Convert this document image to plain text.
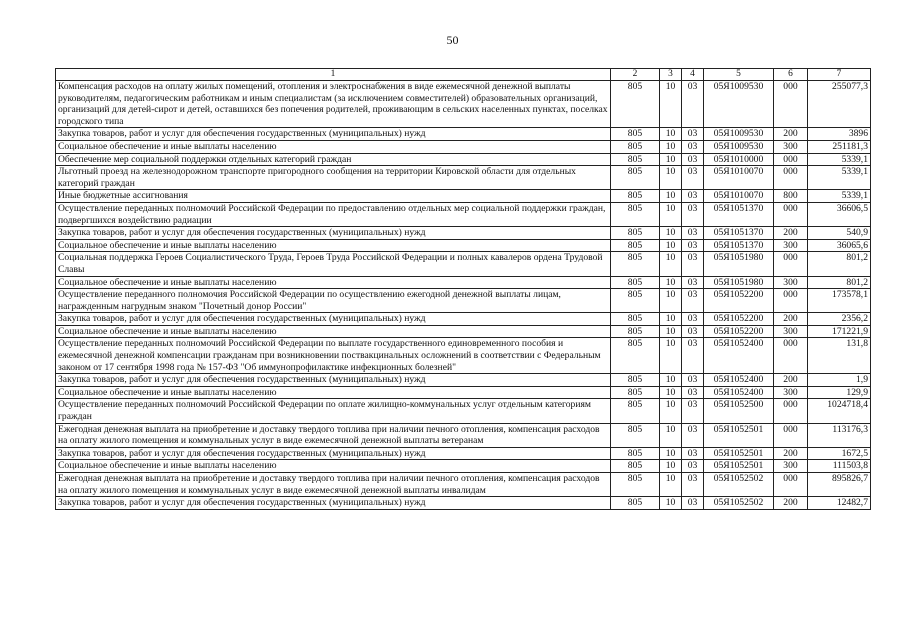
50
1	2	3	4	5	6	7
Компенсация расходов на оплату жилых помещений, отопления и электроснабжения в виде ежемесячной денежной выплаты руководителям, педагогическим работникам и иным специалистам (за исключением совместителей) образовательных организаций, организаций для детей-сирот и детей, оставшихся без попечения родителей, проживающим в сельских населенных пунктах, поселках городского типа	805	10	03	05Я1009530	000	255077,3
Закупка товаров, работ и услуг для обеспечения государственных (муниципальных) нужд	805	10	03	05Я1009530	200	3896
Социальное обеспечение и иные выплаты населению	805	10	03	05Я1009530	300	251181,3
Обеспечение мер социальной поддержки отдельных категорий граждан	805	10	03	05Я1010000	000	5339,1
Льготный проезд на железнодорожном транспорте пригородного сообщения на территории Кировской области для отдельных категорий граждан	805	10	03	05Я1010070	000	5339,1
Иные бюджетные ассигнования	805	10	03	05Я1010070	800	5339,1
Осуществление переданных полномочий Российской Федерации по предоставлению отдельных мер социальной поддержки граждан, подвергшихся воздействию радиации	805	10	03	05Я1051370	000	36606,5
Закупка товаров, работ и услуг для обеспечения государственных (муниципальных) нужд	805	10	03	05Я1051370	200	540,9
Социальное обеспечение и иные выплаты населению	805	10	03	05Я1051370	300	36065,6
Социальная поддержка Героев Социалистического Труда, Героев Труда Российской Федерации и полных кавалеров ордена Трудовой Славы	805	10	03	05Я1051980	000	801,2
Социальное обеспечение и иные выплаты населению	805	10	03	05Я1051980	300	801,2
Осуществление переданного полномочия Российской Федерации по осуществлению ежегодной денежной выплаты лицам, награжденным нагрудным знаком "Почетный донор России"	805	10	03	05Я1052200	000	173578,1
Закупка товаров, работ и услуг для обеспечения государственных (муниципальных) нужд	805	10	03	05Я1052200	200	2356,2
Социальное обеспечение и иные выплаты населению	805	10	03	05Я1052200	300	171221,9
Осуществление переданных полномочий Российской Федерации по выплате государственного единовременного пособия и ежемесячной денежной компенсации гражданам при возникновении поствакцинальных осложнений в соответствии с Федеральным законом от 17 сентября 1998 года № 157-ФЗ "Об иммунопрофилактике инфекционных болезней"	805	10	03	05Я1052400	000	131,8
Закупка товаров, работ и услуг для обеспечения государственных (муниципальных) нужд	805	10	03	05Я1052400	200	1,9
Социальное обеспечение и иные выплаты населению	805	10	03	05Я1052400	300	129,9
Осуществление переданных полномочий Российской Федерации по оплате жилищно-коммунальных услуг отдельным категориям граждан	805	10	03	05Я1052500	000	1024718,4
Ежегодная денежная выплата на приобретение и доставку твердого топлива при наличии печного отопления, компенсация расходов на оплату жилого помещения и коммунальных услуг в виде ежемесячной денежной выплаты ветеранам	805	10	03	05Я1052501	000	113176,3
Закупка товаров, работ и услуг для обеспечения государственных (муниципальных) нужд	805	10	03	05Я1052501	200	1672,5
Социальное обеспечение и иные выплаты населению	805	10	03	05Я1052501	300	111503,8
Ежегодная денежная выплата на приобретение и доставку твердого топлива при наличии печного отопления, компенсация расходов на оплату жилого помещения и коммунальных услуг в виде ежемесячной денежной выплаты инвалидам	805	10	03	05Я1052502	000	895826,7
Закупка товаров, работ и услуг для обеспечения государственных (муниципальных) нужд	805	10	03	05Я1052502	200	12482,7
